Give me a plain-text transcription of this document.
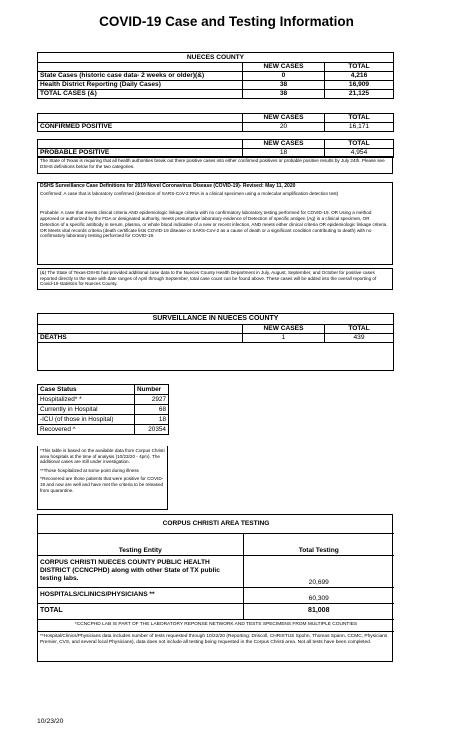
COVID-19 Case and Testing Information
NUECES COUNTY		
	NEW CASES	TOTAL
State Cases (historic case data- 2 weeks or older)(&)	0	4,216
Health District Reporting (Daily Cases)	38	16,909
TOTAL CASES (&)	38	21,125
	NEW CASES	TOTAL
CONFIRMED POSITIVE	20	16,171
	NEW CASES	TOTAL
PROBABLE POSITIVE	18	4,954
The State of Texas is requiring that all health authorities break out there positive cases into either confirmed positives or probable positive results by July 24th. Please see DSHS definitions below for the two categories.
DSHS Surveillance Case Definitions for 2019 Novel Coronavirus Disease (COVID-19)- Revised: May 11, 2020
Confirmed: A case that is laboratory confirmed (detection of SARS-CoV-2 RNA in a clinical specimen using a molecular amplification detection test)
Probable: A case that meets clinical criteria AND epidemiologic linkage criteria with no confirmatory laboratory testing performed for COVID-19. OR Using a method approved or authorized by the FDA or designated authority, meets presumptive laboratory evidence of Detection of specific antigen (Ag) in a clinical specimen, OR Detection of a specific antibody in serum, plasma, or whole blood indicative of a new or recent infection, AND meets either clinical criteria OR epidemiologic linkage criteria. OR Meets vital records criteria (death certificate lists COVID-19 disease or SARS-CoV-2 as a cause of death or a significant condition contributing to death) with no confirmatory laboratory testing performed for COVID-19.
(&) The State of Texas-DSHS has provided additional case data to the Nueces County Health Department in July, August, September, and October for positive cases reported directly to the state with date ranges of April through September, total case count can be found above. These cases will be added into the overall reporting of Covid-19 statistics for Nueces County.
SURVEILLANCE IN NUECES COUNTY		
	NEW CASES	TOTAL
DEATHS	1	439

Case Status	Number
Hospitalized* *	2927
Currently in Hospital	68
-ICU (of those in Hospital)	18
Recovered ^	20354

*This table is based on the available data from Corpus Christi area hospitals at the time of analysis (10/23/20 - 4pm). The additional cases are still under investigation.

**Those hospitalized at some point during illness

^Recovered are those patients that were positive for COVID-19 and now are well and have met the criteria to be released from quarantine.

CORPUS CHRISTI AREA TESTING	
Testing Entity	Total Testing
CORPUS CHRISTI NUECES COUNTY PUBLIC HEALTH DISTRICT (CCNCPHD) along with other State of TX public testing labs.	20,699
HOSPITALS/CLINICS/PHYSICIANS **	60,309
TOTAL	81,008
*CCNCPHD LAB IS PART OF THE LABORATORY REPONSE NETWORK AND TESTS SPECIMENS FROM MULTIPLE COUNTIES	
**Hospital/Clinics/Physicians data includes number of tests requested through 10/22/20 (Reporting: Driscoll, CHRISTUS Spohn, Thomas Spann, CCMC, Physicians Premier, CVS, and several local Physicians), data does not include all testing being requested in the Corpus Christi area. Not all tests have been completed.	
10/23/20
